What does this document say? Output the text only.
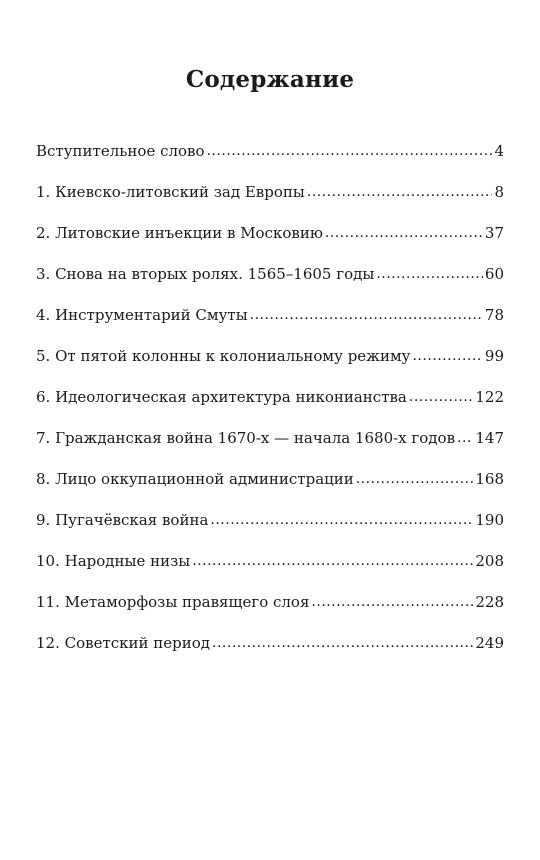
Содержание
Вступительное слово .....	4
1. Киевско-литовский зад Европы .....	8
2. Литовские инъекции в Московию .....	37
3. Снова на вторых ролях. 1565–1605 годы .....	60
4. Инструментарий Смуты .....	78
5. От пятой колонны к колониальному режиму .....	99
6. Идеологическая архитектура никонианства .....	122
7. Гражданская война 1670-х — начала 1680-х годов ..... 147
8. Лицо оккупационной администрации .....	168
9. Пугачёвская война .....	190
10. Народные низы .....	208
11. Метаморфозы правящего слоя .....	228
12. Советский период .....	249
